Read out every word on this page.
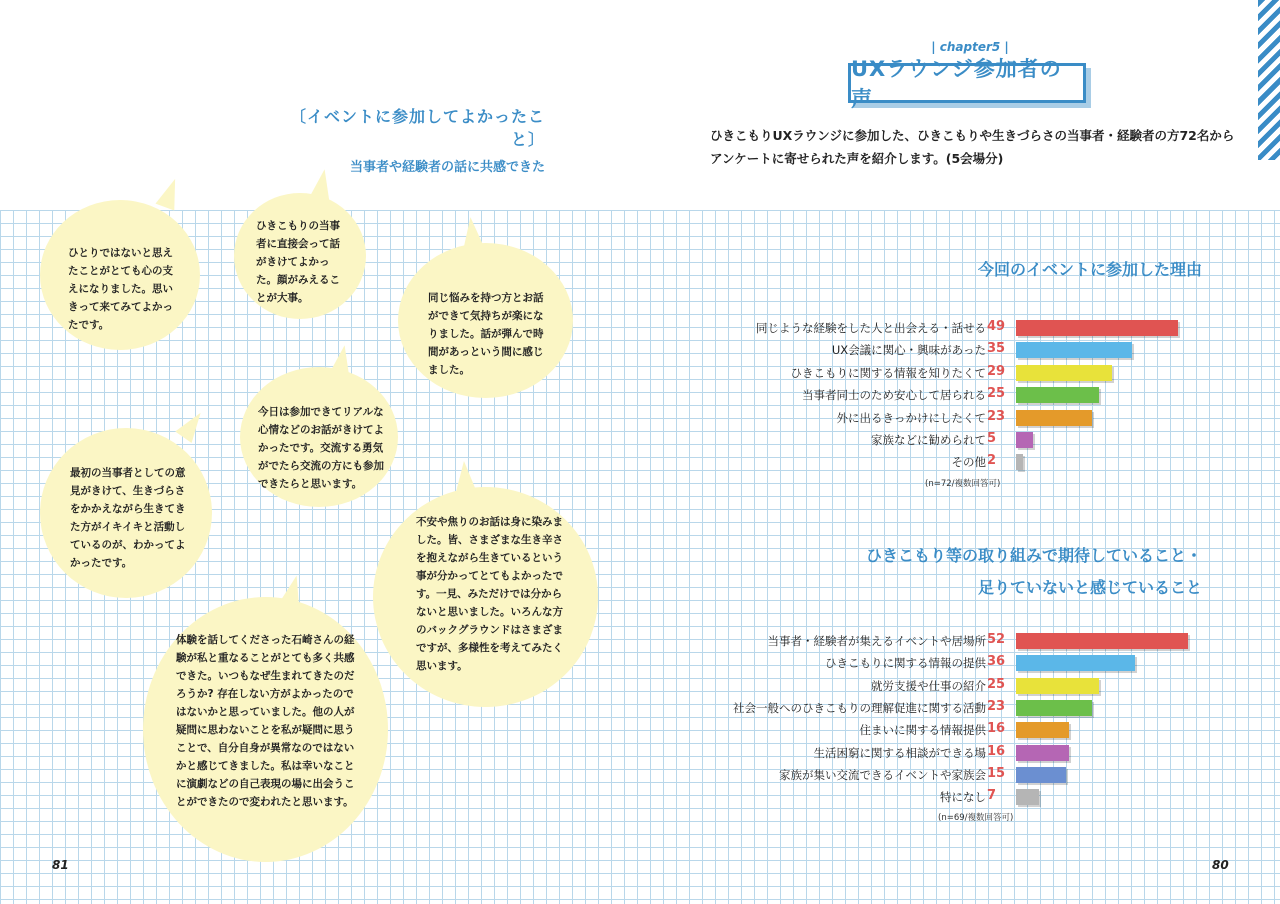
| chapter5 |
UXラウンジ参加者の声
ひきこもりUXラウンジに参加した、ひきこもりや生きづらさの当事者・経験者の方72名からアンケートに寄せられた声を紹介します。(5会場分)
〔イベントに参加してよかったこと〕
当事者や経験者の話に共感できた
ひとりではないと思えたことがとても心の支えになりました。思いきって来てみてよかったです。
ひきこもりの当事者に直接会って話がきけてよかった。顔がみえることが大事。	同じ悩みを持つ方とお話ができて気持ちが楽になりました。話が弾んで時間があっという間に感じました。
今日は参加できてリアルな心情などのお話がきけてよかったです。交流する勇気がでたら交流の方にも参加できたらと思います。
最初の当事者としての意見がきけて、生きづらさをかかえながら生きてきた方がイキイキと活動しているのが、わかってよかったです。
不安や焦りのお話は身に染みました。皆、さまざまな生き辛さを抱えながら生きているという事が分かってとてもよかったです。一見、みただけでは分からないと思いました。いろんな方のバックグラウンドはさまざまですが、多様性を考えてみたく思います。
体験を話してくださった石崎さんの経験が私と重なることがとても多く共感できた。いつもなぜ生まれてきたのだろうか? 存在しない方がよかったのではないかと思っていました。他の人が疑問に思わないことを私が疑問に思うことで、自分自身が異常なのではないかと感じてきました。私は幸いなことに演劇などの自己表現の場に出会うことができたので変われたと思います。
今回のイベントに参加した理由
同じような経験をした人と出会える・話せる 49
UX会議に関心・興味があった 35
ひきこもりに関する情報を知りたくて 29
当事者同士のため安心して居られる 25
外に出るきっかけにしたくて 23
家族などに勧められて 5
その他 2
(n=72/複数回答可)
ひきこもり等の取り組みで期待していること・
足りていないと感じていること
当事者・経験者が集えるイベントや居場所 52
ひきこもりに関する情報の提供 36
就労支援や仕事の紹介 25
社会一般へのひきこもりの理解促進に関する活動 23
住まいに関する情報提供 16
生活困窮に関する相談ができる場 16
家族が集い交流できるイベントや家族会 15
特になし 7
(n=69/複数回答可)
81	80
